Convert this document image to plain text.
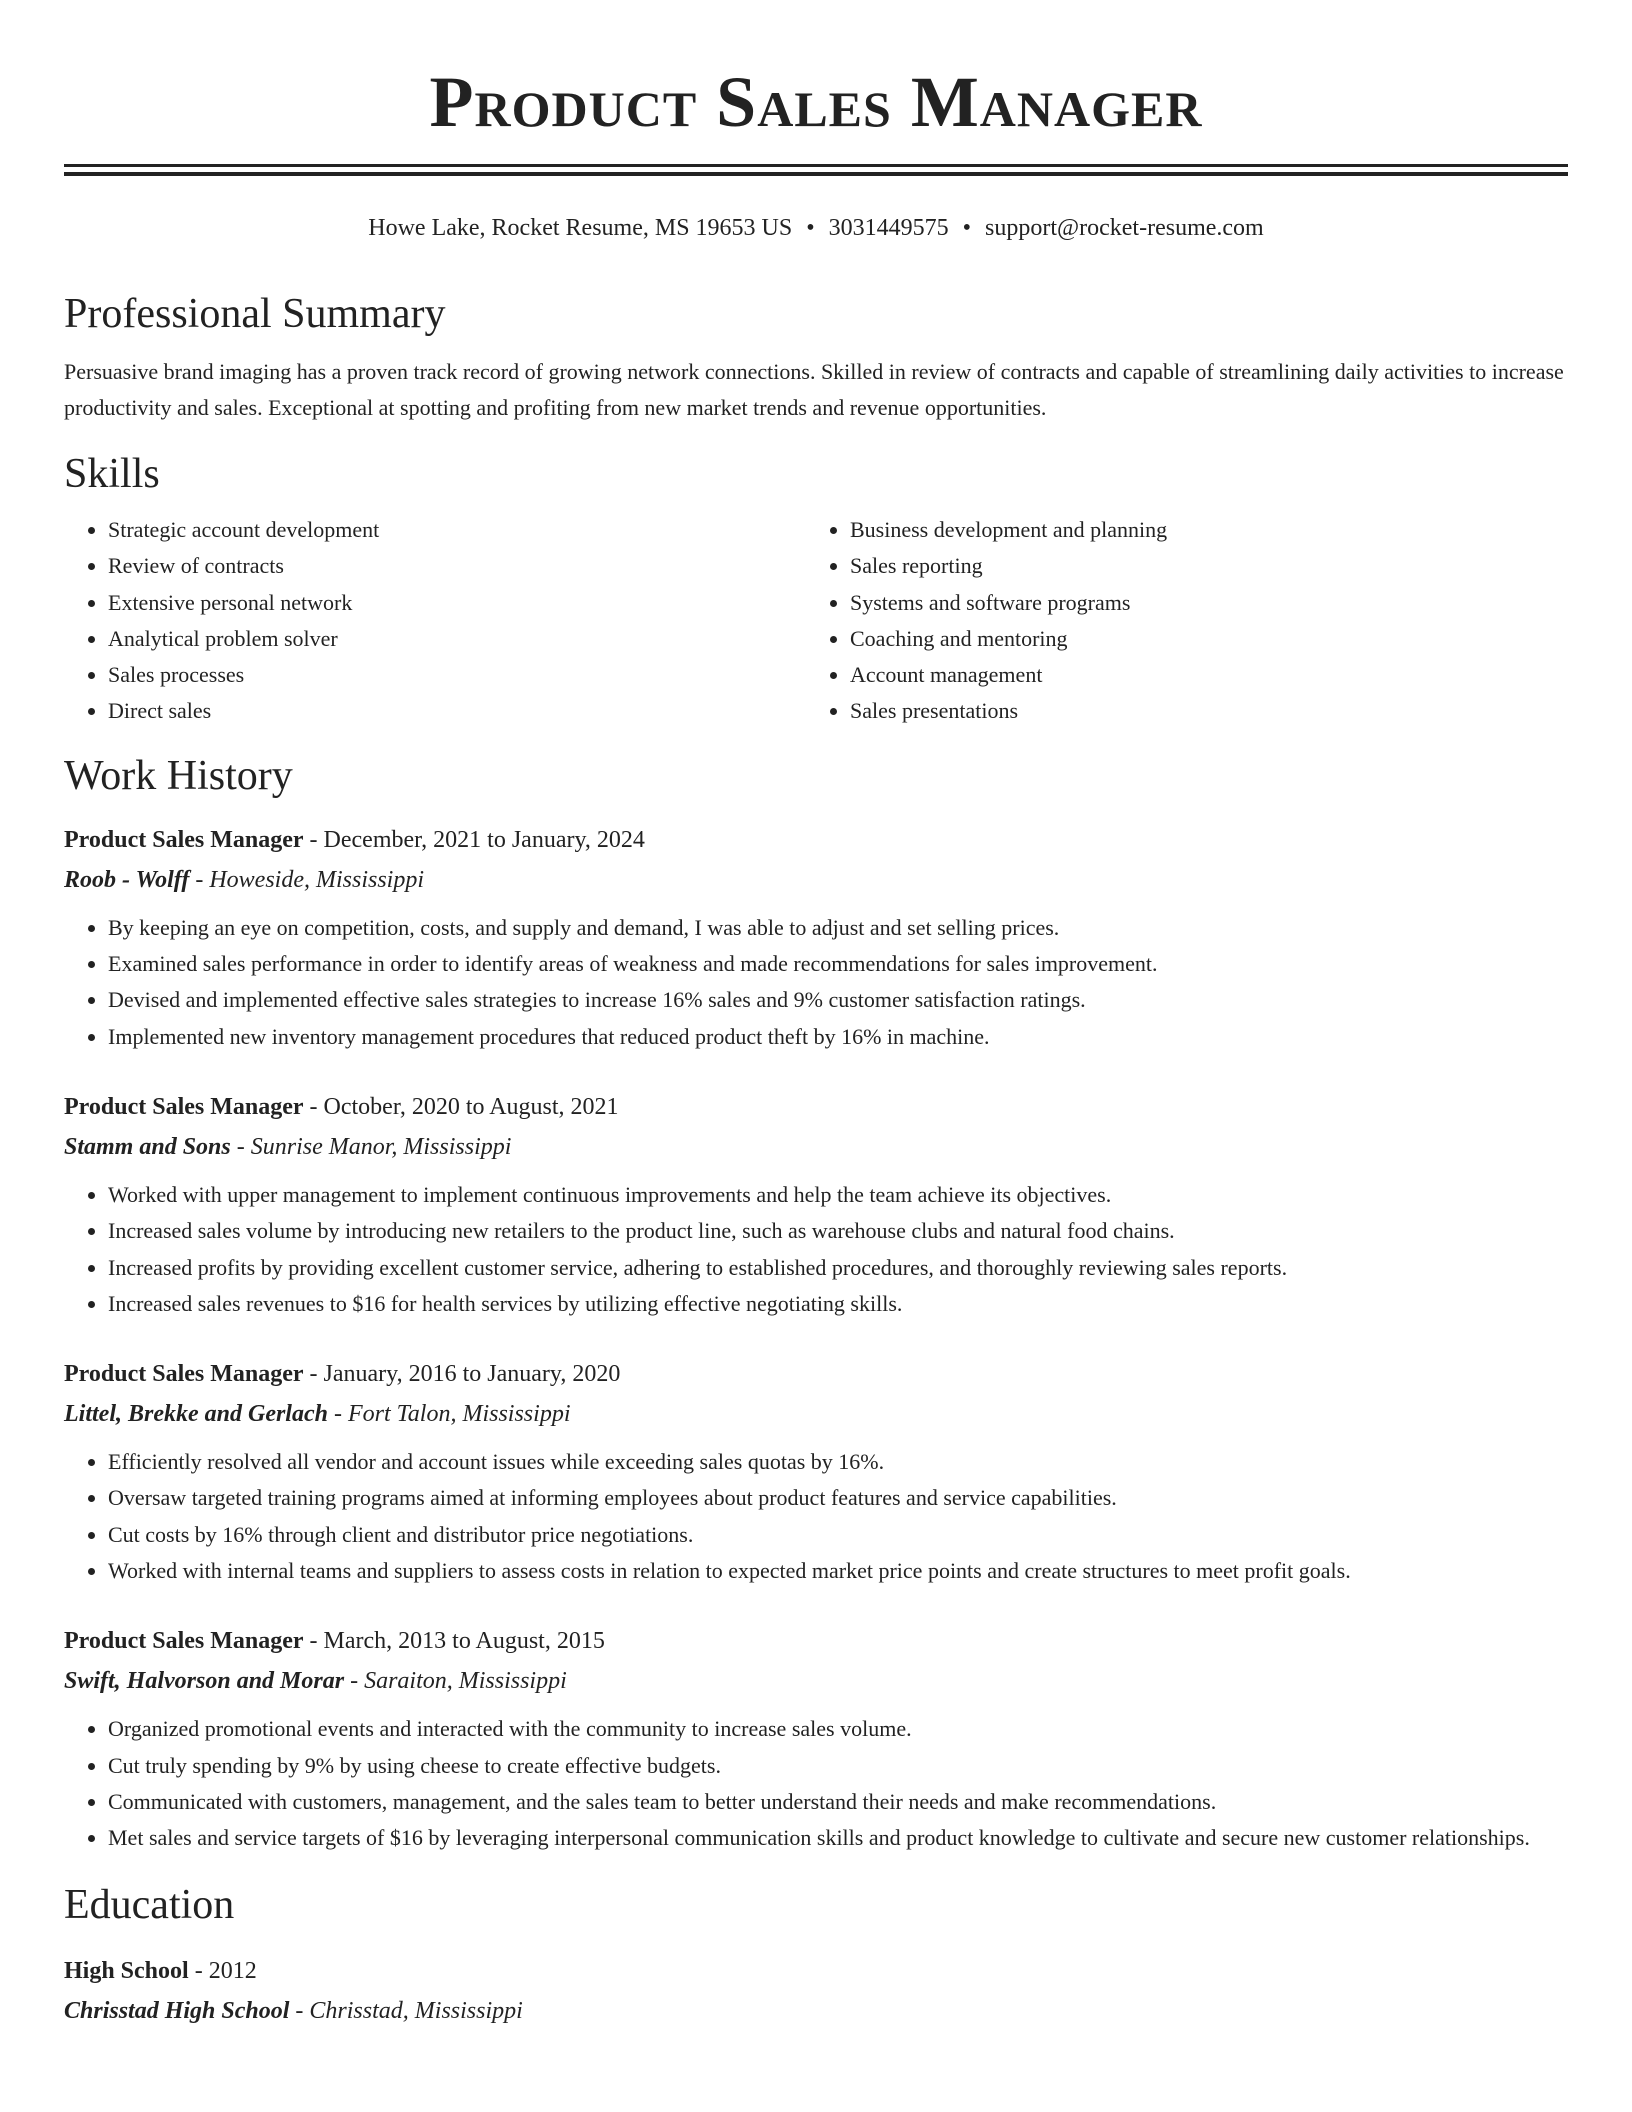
Product Sales Manager
Howe Lake, Rocket Resume, MS 19653 US • 3031449575 • support@rocket-resume.com
Professional Summary
Persuasive brand imaging has a proven track record of growing network connections. Skilled in review of contracts and capable of streamlining daily activities to increase productivity and sales. Exceptional at spotting and profiting from new market trends and revenue opportunities.
Skills
• Strategic account development
• Review of contracts
• Extensive personal network
• Analytical problem solver
• Sales processes
• Direct sales
• Business development and planning
• Sales reporting
• Systems and software programs
• Coaching and mentoring
• Account management
• Sales presentations
Work History
Product Sales Manager - December, 2021 to January, 2024
Roob - Wolff - Howeside, Mississippi
• By keeping an eye on competition, costs, and supply and demand, I was able to adjust and set selling prices.
• Examined sales performance in order to identify areas of weakness and made recommendations for sales improvement.
• Devised and implemented effective sales strategies to increase 16% sales and 9% customer satisfaction ratings.
• Implemented new inventory management procedures that reduced product theft by 16% in machine.
Product Sales Manager - October, 2020 to August, 2021
Stamm and Sons - Sunrise Manor, Mississippi
• Worked with upper management to implement continuous improvements and help the team achieve its objectives.
• Increased sales volume by introducing new retailers to the product line, such as warehouse clubs and natural food chains.
• Increased profits by providing excellent customer service, adhering to established procedures, and thoroughly reviewing sales reports.
• Increased sales revenues to $16 for health services by utilizing effective negotiating skills.
Product Sales Manager - January, 2016 to January, 2020
Littel, Brekke and Gerlach - Fort Talon, Mississippi
• Efficiently resolved all vendor and account issues while exceeding sales quotas by 16%.
• Oversaw targeted training programs aimed at informing employees about product features and service capabilities.
• Cut costs by 16% through client and distributor price negotiations.
• Worked with internal teams and suppliers to assess costs in relation to expected market price points and create structures to meet profit goals.
Product Sales Manager - March, 2013 to August, 2015
Swift, Halvorson and Morar - Saraiton, Mississippi
• Organized promotional events and interacted with the community to increase sales volume.
• Cut truly spending by 9% by using cheese to create effective budgets.
• Communicated with customers, management, and the sales team to better understand their needs and make recommendations.
• Met sales and service targets of $16 by leveraging interpersonal communication skills and product knowledge to cultivate and secure new customer relationships.
Education
High School - 2012
Chrisstad High School - Chrisstad, Mississippi
